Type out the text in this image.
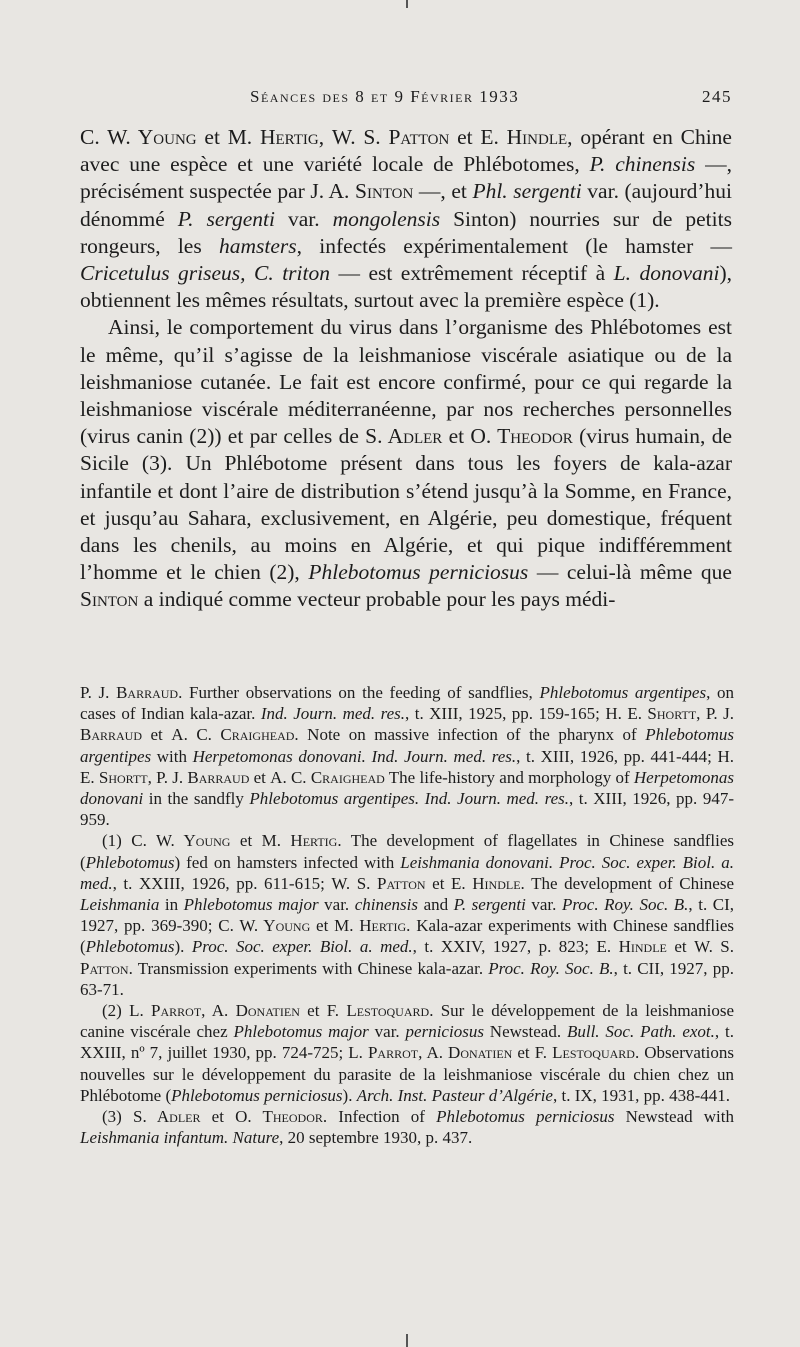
Séances des 8 et 9 Février 1933	245

C. W. Young et M. Hertig, W. S. Patton et E. Hindle, opérant en Chine avec une espèce et une variété locale de Phlébotomes, P. chinensis —, précisément suspectée par J. A. Sinton —, et Phl. sergenti var. (aujourd’hui dénommé P. sergenti var. mongolensis Sinton) nourries sur de petits rongeurs, les hamsters, infectés expérimentalement (le hamster — Cricetulus griseus, C. triton — est extrêmement réceptif à L. donovani), obtiennent les mêmes résultats, surtout avec la première espèce (1).

Ainsi, le comportement du virus dans l’organisme des Phlébotomes est le même, qu’il s’agisse de la leishmaniose viscérale asiatique ou de la leishmaniose cutanée. Le fait est encore confirmé, pour ce qui regarde la leishmaniose viscérale méditerranéenne, par nos recherches personnelles (virus canin (2)) et par celles de S. Adler et O. Theodor (virus humain, de Sicile (3). Un Phlébotome présent dans tous les foyers de kala-azar infantile et dont l’aire de distribution s’étend jusqu’à la Somme, en France, et jusqu’au Sahara, exclusivement, en Algérie, peu domestique, fréquent dans les chenils, au moins en Algérie, et qui pique indifféremment l’homme et le chien (2), Phlebotomus perniciosus — celui-là même que Sinton a indiqué comme vecteur probable pour les pays médi-

P. J. Barraud. Further observations on the feeding of sandflies, Phlebotomus argentipes, on cases of Indian kala-azar. Ind. Journ. med. res., t. XIII, 1925, pp. 159-165; H. E. Shortt, P. J. Barraud et A. C. Craighead. Note on massive infection of the pharynx of Phlebotomus argentipes with Herpetomonas donovani. Ind. Journ. med. res., t. XIII, 1926, pp. 441-444; H. E. Shortt, P. J. Barraud et A. C. Craighead The life-history and morphology of Herpetomonas donovani in the sandfly Phlebotomus argentipes. Ind. Journ. med. res., t. XIII, 1926, pp. 947-959.

(1) C. W. Young et M. Hertig. The development of flagellates in Chinese sandflies (Phlebotomus) fed on hamsters infected with Leishmania donovani. Proc. Soc. exper. Biol. a. med., t. XXIII, 1926, pp. 611-615; W. S. Patton et E. Hindle. The development of Chinese Leishmania in Phlebotomus major var. chinensis and P. sergenti var. Proc. Roy. Soc. B., t. CI, 1927, pp. 369-390; C. W. Young et M. Hertig. Kala-azar experiments with Chinese sandflies (Phlebotomus). Proc. Soc. exper. Biol. a. med., t. XXIV, 1927, p. 823; E. Hindle et W. S. Patton. Transmission experiments with Chinese kala-azar. Proc. Roy. Soc. B., t. CII, 1927, pp. 63-71.

(2) L. Parrot, A. Donatien et F. Lestoquard. Sur le développement de la leishmaniose canine viscérale chez Phlebotomus major var. perniciosus Newstead. Bull. Soc. Path. exot., t. XXIII, nº 7, juillet 1930, pp. 724-725; L. Parrot, A. Donatien et F. Lestoquard. Observations nouvelles sur le développement du parasite de la leishmaniose viscérale du chien chez un Phlébotome (Phlebotomus perniciosus). Arch. Inst. Pasteur d’Algérie, t. IX, 1931, pp. 438-441.

(3) S. Adler et O. Theodor. Infection of Phlebotomus perniciosus Newstead with Leishmania infantum. Nature, 20 septembre 1930, p. 437.
